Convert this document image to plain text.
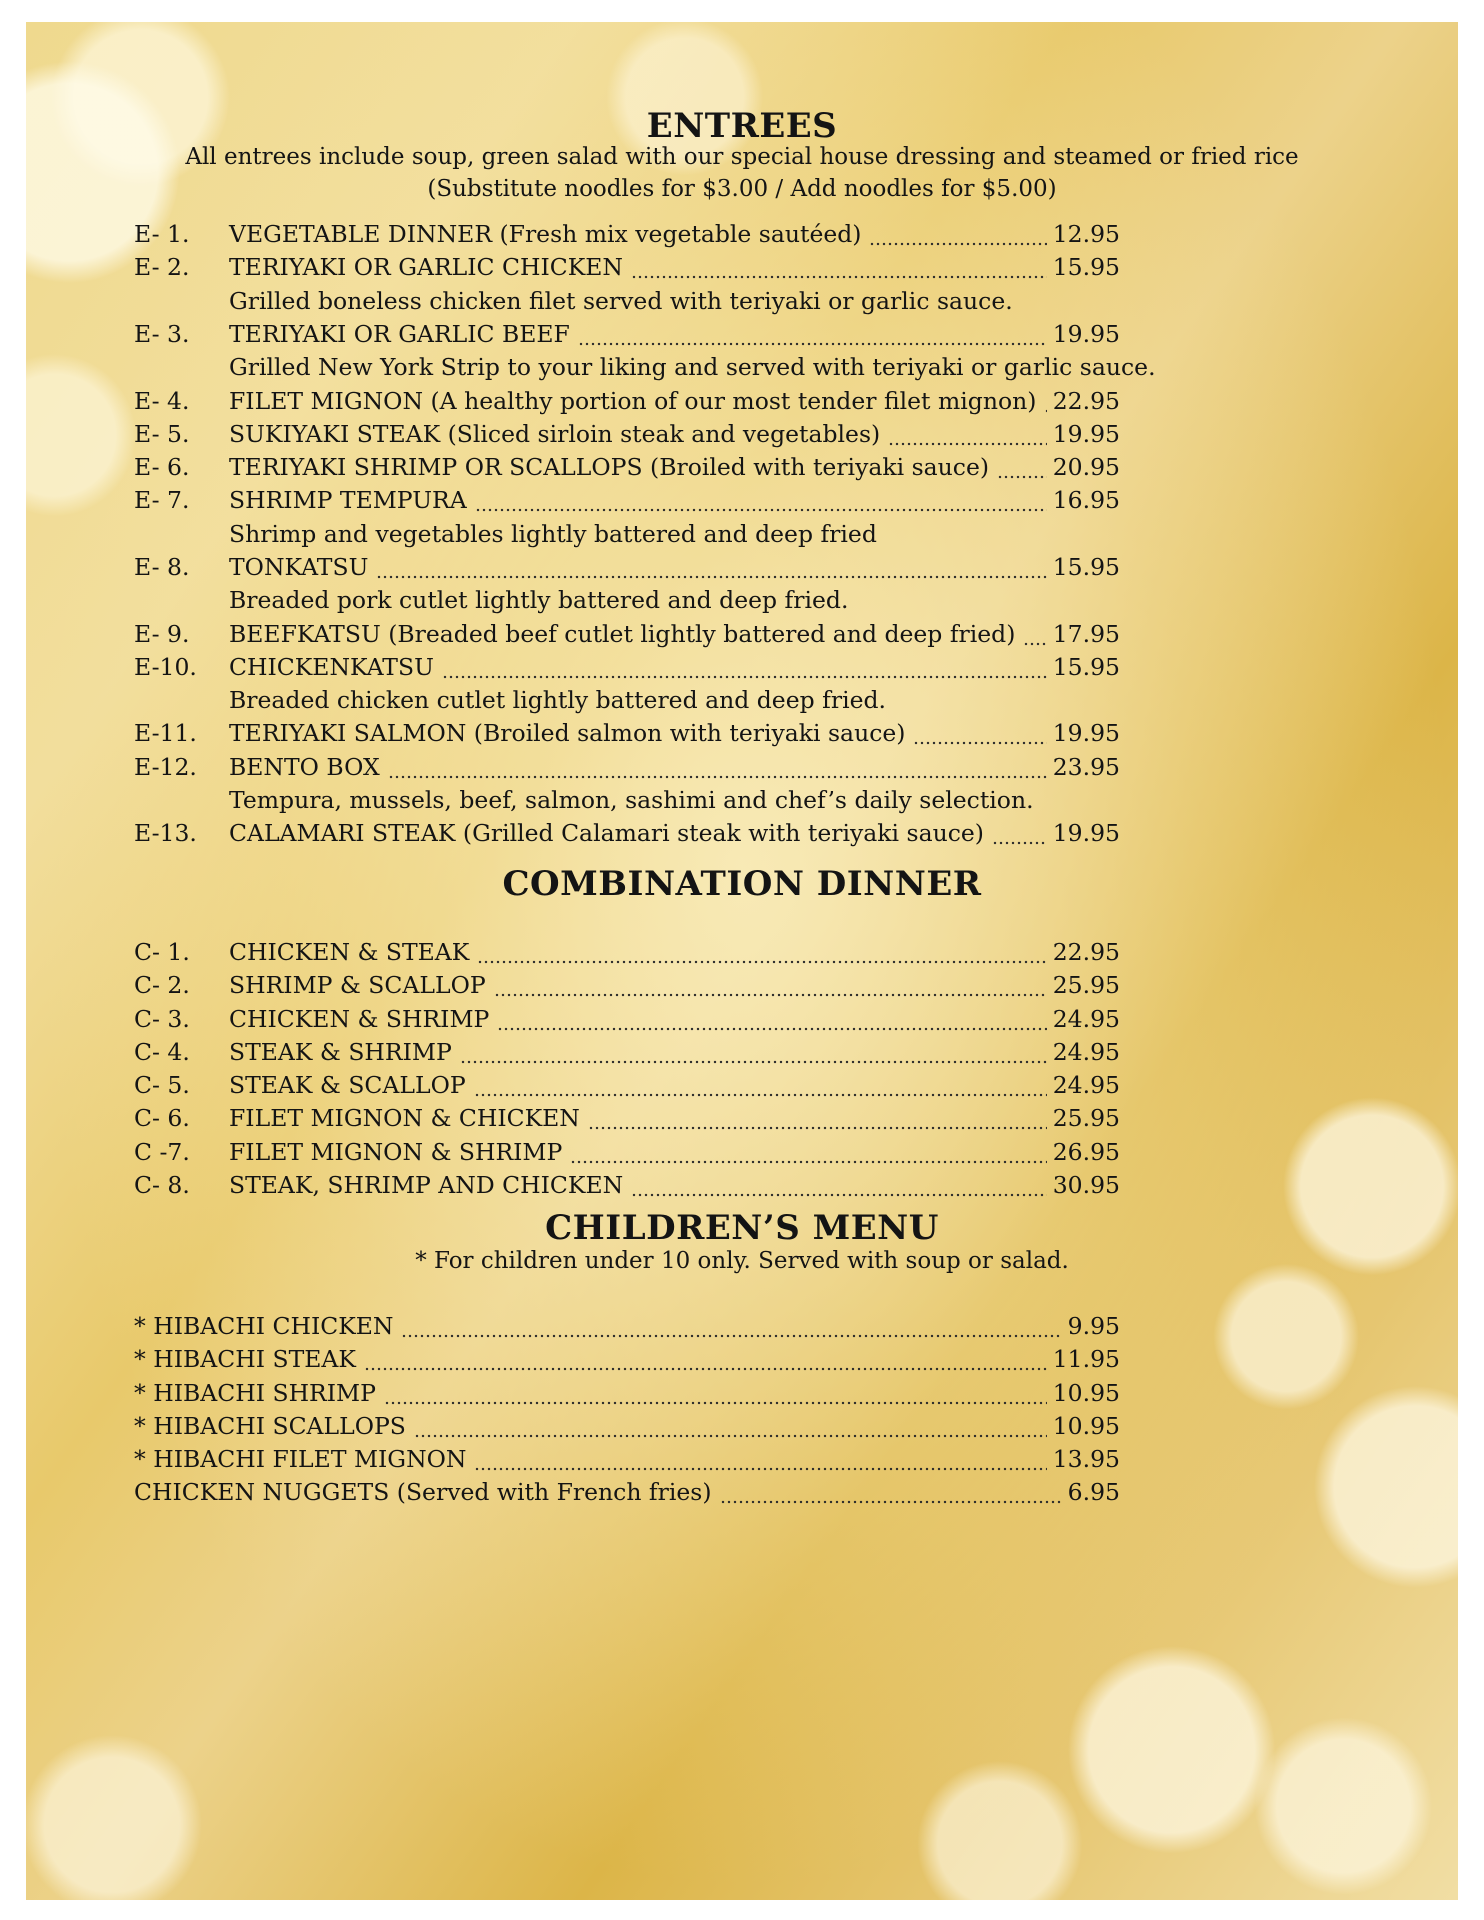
ENTREES

All entrees include soup, green salad with our special house dressing and steamed or fried rice

(Substitute noodles for $3.00 / Add noodles for $5.00)

E- 1.	VEGETABLE DINNER (Fresh mix vegetable sautéed)	12.95
E- 2.	TERIYAKI OR GARLIC CHICKEN	15.95
Grilled boneless chicken filet served with teriyaki or garlic sauce.
E- 3.	TERIYAKI OR GARLIC BEEF	19.95
Grilled New York Strip to your liking and served with teriyaki or garlic sauce.
E- 4.	FILET MIGNON (A healthy portion of our most tender filet mignon) 22.95
E- 5.	SUKIYAKI STEAK (Sliced sirloin steak and vegetables)	19.95
E- 6.	TERIYAKI SHRIMP OR SCALLOPS (Broiled with teriyaki sauce)	20.95
E- 7.	SHRIMP TEMPURA	16.95
Shrimp and vegetables lightly battered and deep fried
E- 8.	TONKATSU	15.95
Breaded pork cutlet lightly battered and deep fried.
E- 9.	BEEFKATSU (Breaded beef cutlet lightly battered and deep fried) 17.95
E-10.	CHICKENKATSU	15.95
Breaded chicken cutlet lightly battered and deep fried.
E-11.	TERIYAKI SALMON (Broiled salmon with teriyaki sauce)	19.95
E-12.	BENTO BOX	23.95
Tempura, mussels, beef, salmon, sashimi and chef’s daily selection.
E-13.	CALAMARI STEAK (Grilled Calamari steak with teriyaki sauce)	19.95
COMBINATION DINNER
C- 1.	CHICKEN & STEAK	22.95
C- 2.	SHRIMP & SCALLOP	25.95
C- 3.	CHICKEN & SHRIMP	24.95
C- 4.	STEAK & SHRIMP	24.95
C- 5.	STEAK & SCALLOP	24.95
C- 6.	FILET MIGNON & CHICKEN	25.95
C -7.	FILET MIGNON & SHRIMP	26.95
C- 8.	STEAK, SHRIMP AND CHICKEN	30.95
CHILDREN’S MENU

* For children under 10 only. Served with soup or salad.

* HIBACHI CHICKEN	9.95
* HIBACHI STEAK	11.95
* HIBACHI SHRIMP	10.95
* HIBACHI SCALLOPS	10.95
* HIBACHI FILET MIGNON	13.95
CHICKEN NUGGETS (Served with French fries)	6.95
